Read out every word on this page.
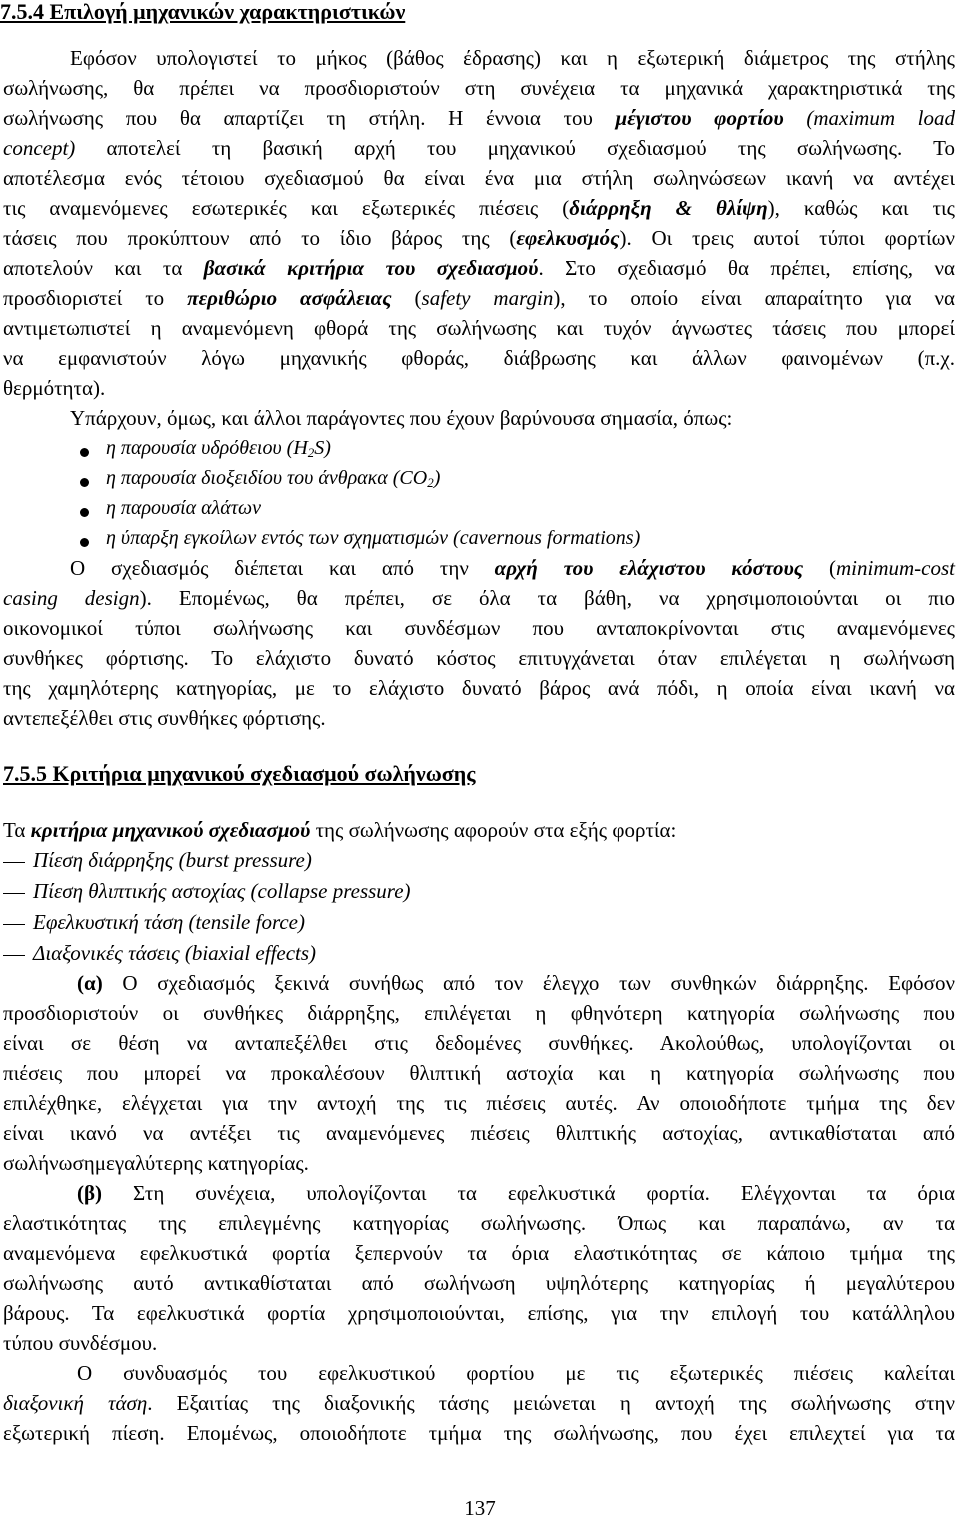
7.5.4 Επιλογή μηχανικών χαρακτηριστικών
Εφόσον υπολογιστεί το μήκος (βάθος έδρασης) και η εξωτερική διάμετρος της στήλης
σωλήνωσης, θα πρέπει να προσδιοριστούν στη συνέχεια τα μηχανικά χαρακτηριστικά της
σωλήνωσης που θα απαρτίζει τη στήλη. Η έννοια του μέγιστου φορτίου (maximum load
concept) αποτελεί τη βασική αρχή του μηχανικού σχεδιασμού της σωλήνωσης. Το
αποτέλεσμα ενός τέτοιου σχεδιασμού θα είναι ένα μια στήλη σωληνώσεων ικανή να αντέχει
τις αναμενόμενες εσωτερικές και εξωτερικές πιέσεις (διάρρηξη & θλίψη), καθώς και τις
τάσεις που προκύπτουν από το ίδιο βάρος της (εφελκυσμός). Οι τρεις αυτοί τύποι φορτίων
αποτελούν και τα βασικά κριτήρια του σχεδιασμού. Στο σχεδιασμό θα πρέπει, επίσης, να
προσδιοριστεί το περιθώριο ασφάλειας (safety margin), το οποίο είναι απαραίτητο για να
αντιμετωπιστεί η αναμενόμενη φθορά της σωλήνωσης και τυχόν άγνωστες τάσεις που μπορεί
να εμφανιστούν λόγω μηχανικής φθοράς, διάβρωσης και άλλων φαινομένων (π.χ.
θερμότητα).
Υπάρχουν, όμως, και άλλοι παράγοντες που έχουν βαρύνουσα σημασία, όπως:
η παρουσία υδρόθειου $(H_2S)$
η παρουσία διοξειδίου του άνθρακα $(CO_2)$
η παρουσία αλάτων
η ύπαρξη εγκοίλων εντός των σχηματισμών (cavernous formations)
Ο σχεδιασμός διέπεται και από την αρχή του ελάχιστου κόστους (minimum-cost
casing design). Επομένως, θα πρέπει, σε όλα τα βάθη, να χρησιμοποιούνται οι πιο
οικονομικοί τύποι σωλήνωσης και συνδέσμων που ανταποκρίνονται στις αναμενόμενες
συνθήκες φόρτισης. Το ελάχιστο δυνατό κόστος επιτυγχάνεται όταν επιλέγεται η σωλήνωση
της χαμηλότερης κατηγορίας, με το ελάχιστο δυνατό βάρος ανά πόδι, η οποία είναι ικανή να
αντεπεξέλθει στις συνθήκες φόρτισης.
7.5.5 Κριτήρια μηχανικού σχεδιασμού σωλήνωσης
Τα κριτήρια μηχανικού σχεδιασμού της σωλήνωσης αφορούν στα εξής φορτία:
Πίεση διάρρηξης (burst pressure)
Πίεση θλιπτικής αστοχίας (collapse pressure)
Εφελκυστική τάση (tensile force)
Διαξονικές τάσεις (biaxial effects)
(α) Ο σχεδιασμός ξεκινά συνήθως από τον έλεγχο των συνθηκών διάρρηξης. Εφόσον
προσδιοριστούν οι συνθήκες διάρρηξης, επιλέγεται η φθηνότερη κατηγορία σωλήνωσης που
είναι σε θέση να ανταπεξέλθει στις δεδομένες συνθήκες. Ακολούθως, υπολογίζονται οι
πιέσεις που μπορεί να προκαλέσουν θλιπτική αστοχία και η κατηγορία σωλήνωσης που
επιλέχθηκε, ελέγχεται για την αντοχή της τις πιέσεις αυτές. Αν οποιοδήποτε τμήμα της δεν
είναι ικανό να αντέξει τις αναμενόμενες πιέσεις θλιπτικής αστοχίας, αντικαθίσταται από
σωλήνωσημεγαλύτερης κατηγορίας.
(β) Στη συνέχεια, υπολογίζονται τα εφελκυστικά φορτία. Ελέγχονται τα όρια
ελαστικότητας της επιλεγμένης κατηγορίας σωλήνωσης. Όπως και παραπάνω, αν τα
αναμενόμενα εφελκυστικά φορτία ξεπερνούν τα όρια ελαστικότητας σε κάποιο τμήμα της
σωλήνωσης αυτό αντικαθίσταται από σωλήνωση υψηλότερης κατηγορίας ή μεγαλύτερου
βάρους. Τα εφελκυστικά φορτία χρησιμοποιούνται, επίσης, για την επιλογή του κατάλληλου
τύπου συνδέσμου.
Ο συνδυασμός του εφελκυστικού φορτίου με τις εξωτερικές πιέσεις καλείται
διαξονική τάση. Εξαιτίας της διαξονικής τάσης μειώνεται η αντοχή της σωλήνωσης στην
εξωτερική πίεση. Επομένως, οποιοδήποτε τμήμα της σωλήνωσης, που έχει επιλεχτεί για τα
137
